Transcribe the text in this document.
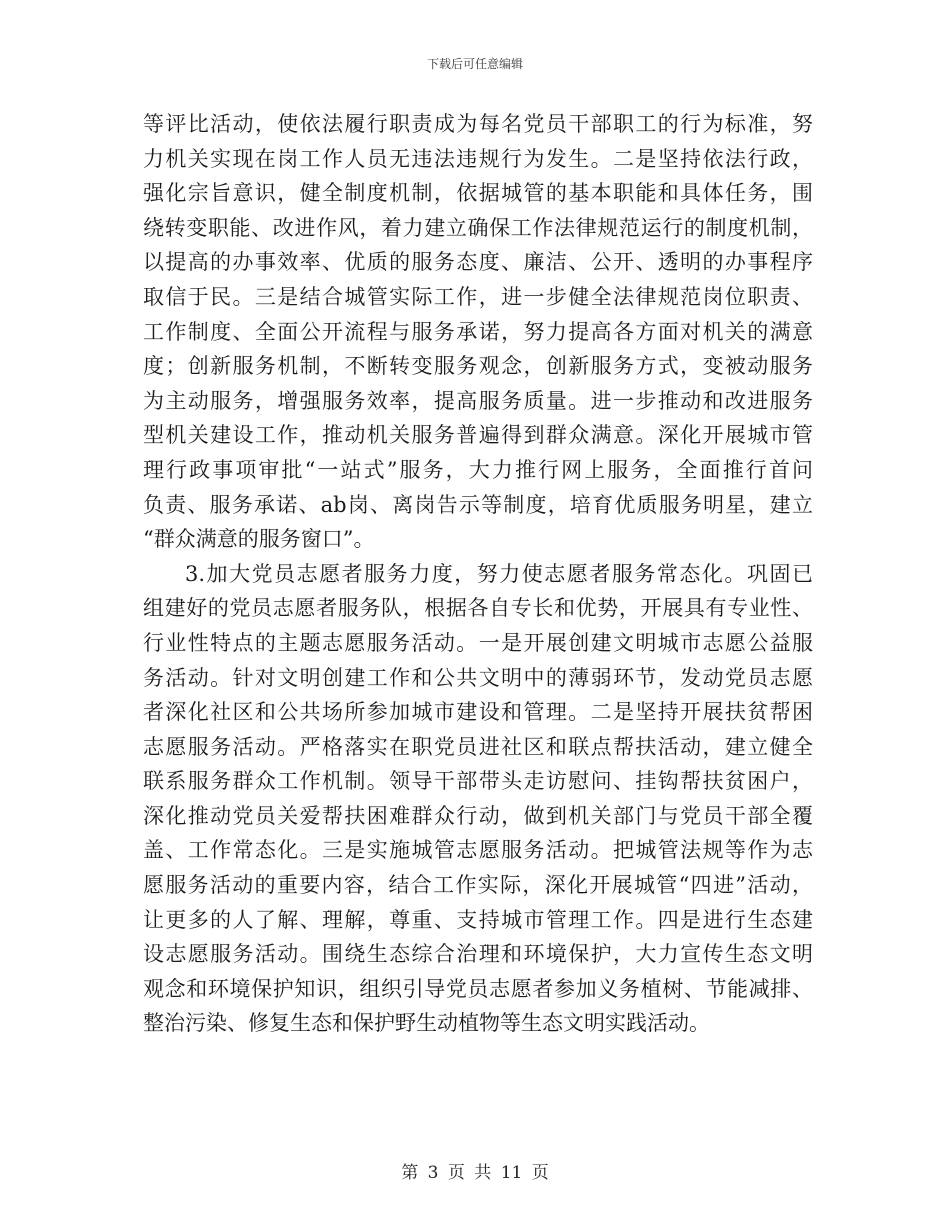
下载后可任意编辑
等评比活动，使依法履行职责成为每名党员干部职工的行为标准，努
力机关实现在岗工作人员无违法违规行为发生。二是坚持依法行政，
强化宗旨意识，健全制度机制，依据城管的基本职能和具体任务，围
绕转变职能、改进作风，着力建立确保工作法律规范运行的制度机制，
以提高的办事效率、优质的服务态度、廉洁、公开、透明的办事程序
取信于民。三是结合城管实际工作，进一步健全法律规范岗位职责、
工作制度、全面公开流程与服务承诺，努力提高各方面对机关的满意
度；创新服务机制，不断转变服务观念，创新服务方式，变被动服务
为主动服务，增强服务效率，提高服务质量。进一步推动和改进服务
型机关建设工作，推动机关服务普遍得到群众满意。深化开展城市管
理行政事项审批“一站式”服务，大力推行网上服务，全面推行首问
负责、服务承诺、ab岗、离岗告示等制度，培育优质服务明星，建立
“群众满意的服务窗口”。
3.加大党员志愿者服务力度，努力使志愿者服务常态化。巩固已
组建好的党员志愿者服务队，根据各自专长和优势，开展具有专业性、
行业性特点的主题志愿服务活动。一是开展创建文明城市志愿公益服
务活动。针对文明创建工作和公共文明中的薄弱环节，发动党员志愿
者深化社区和公共场所参加城市建设和管理。二是坚持开展扶贫帮困
志愿服务活动。严格落实在职党员进社区和联点帮扶活动，建立健全
联系服务群众工作机制。领导干部带头走访慰问、挂钩帮扶贫困户，
深化推动党员关爱帮扶困难群众行动，做到机关部门与党员干部全覆
盖、工作常态化。三是实施城管志愿服务活动。把城管法规等作为志
愿服务活动的重要内容，结合工作实际，深化开展城管“四进”活动，
让更多的人了解、理解，尊重、支持城市管理工作。四是进行生态建
设志愿服务活动。围绕生态综合治理和环境保护，大力宣传生态文明
观念和环境保护知识，组织引导党员志愿者参加义务植树、节能减排、
整治污染、修复生态和保护野生动植物等生态文明实践活动。
第 3 页 共 11 页
